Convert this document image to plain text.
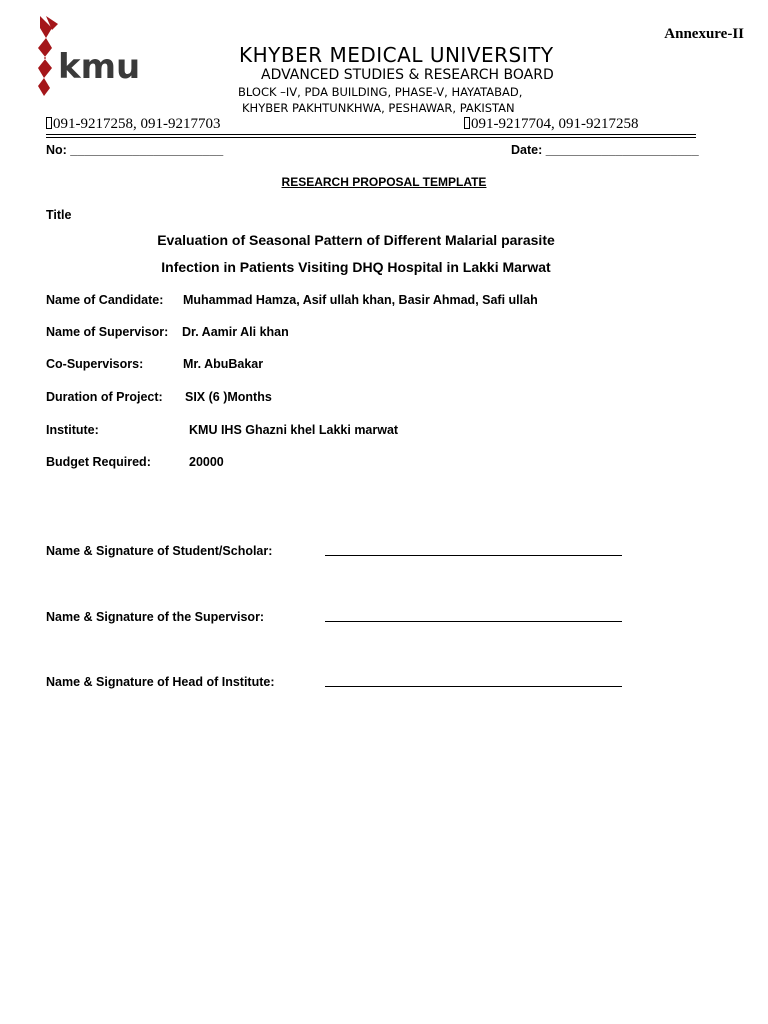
Annexure-II
kmu	KHYBER MEDICAL UNIVERSITY
ADVANCED STUDIES & RESEARCH BOARD
BLOCK –IV, PDA BUILDING, PHASE-V, HAYATABAD,
KHYBER PAKHTUNKHWA, PESHAWAR, PAKISTAN
091-9217258, 091-9217703	091-9217704, 091-9217258
No: ______________________	Date: ______________________
RESEARCH PROPOSAL TEMPLATE
Title
Evaluation of Seasonal Pattern of Different Malarial parasite
Infection in Patients Visiting DHQ Hospital in Lakki Marwat
Name of Candidate: Muhammad Hamza, Asif ullah khan, Basir Ahmad, Safi ullah
Name of Supervisor: Dr. Aamir Ali khan
Co-Supervisors:	Mr. AbuBakar
Duration of Project: SIX (6 )Months
Institute:	KMU IHS Ghazni khel Lakki marwat
Budget Required:	20000
Name & Signature of Student/Scholar:
Name & Signature of the Supervisor:
Name & Signature of Head of Institute:
